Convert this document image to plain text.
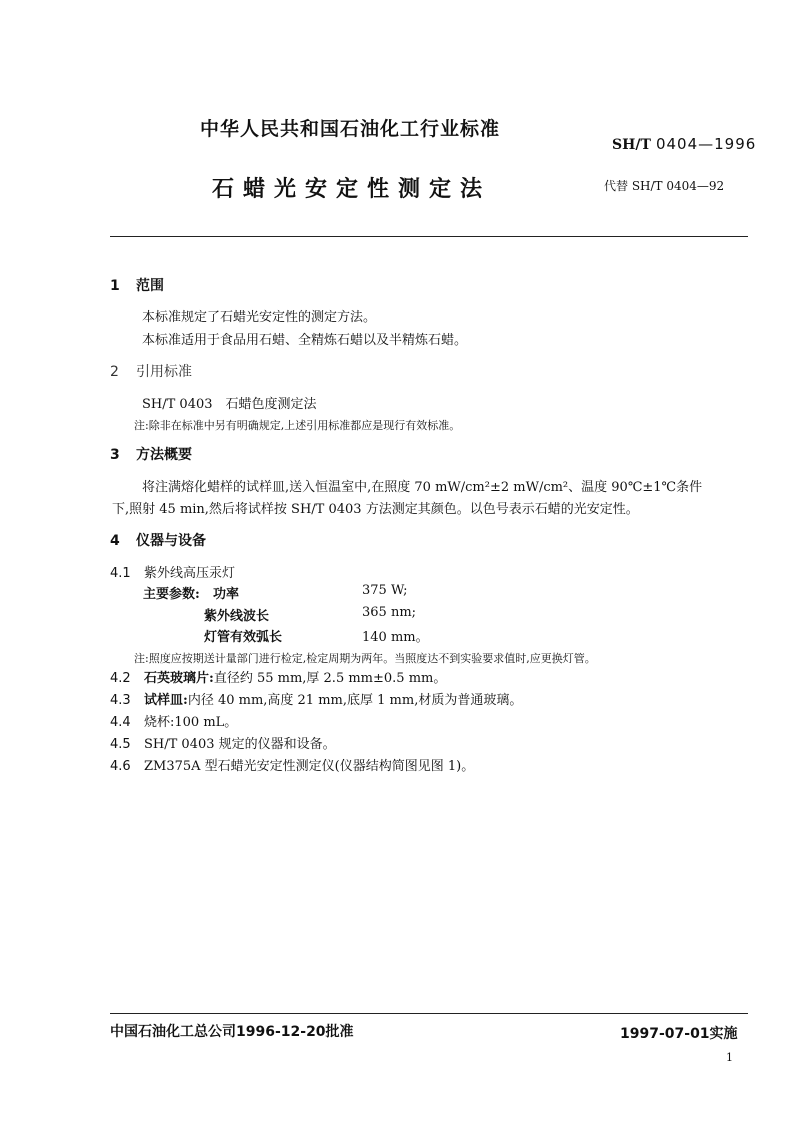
中华人民共和国石油化工行业标准
SH/T 0404—1996
石蜡光安定性测定法	代替 SH/T 0404—92
1 范围
本标准规定了石蜡光安定性的测定方法。
本标准适用于食品用石蜡、全精炼石蜡以及半精炼石蜡。
2 引用标准
SH/T 0403　石蜡色度测定法
注:除非在标准中另有明确规定,上述引用标准都应是现行有效标准。
3 方法概要
将注满熔化蜡样的试样皿,送入恒温室中,在照度 70 mW/cm²±2 mW/cm²、温度 90℃±1℃条件
下,照射 45 min,然后将试样按 SH/T 0403 方法测定其颜色。以色号表示石蜡的光安定性。
4 仪器与设备
4.1 紫外线高压汞灯
主要参数: 功率	375 W;
紫外线波长	365 nm;
灯管有效弧长	140 mm。
注:照度应按期送计量部门进行检定,检定周期为两年。当照度达不到实验要求值时,应更换灯管。
4.2 石英玻璃片:直径约 55 mm,厚 2.5 mm±0.5 mm。
4.3 试样皿:内径 40 mm,高度 21 mm,底厚 1 mm,材质为普通玻璃。
4.4 烧杯:100 mL。
4.5 SH/T 0403 规定的仪器和设备。
4.6 ZM375A 型石蜡光安定性测定仪(仪器结构简图见图 1)。
中国石油化工总公司1996-12-20批准	1997-07-01实施
1
